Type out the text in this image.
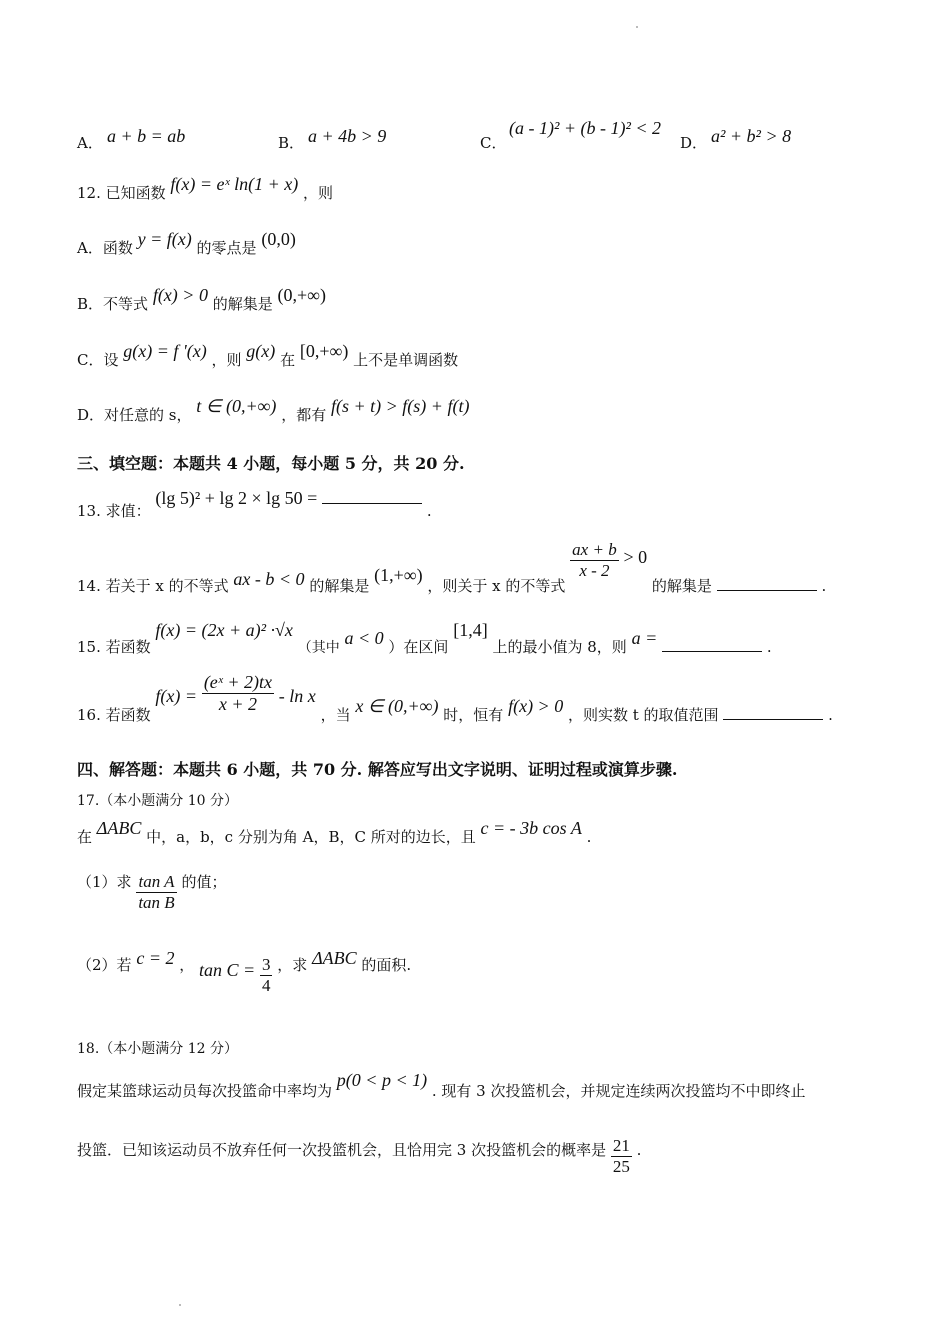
A． a + b = ab	B． a + 4b > 9	C．
(a - 1)² + (b - 1)² < 2
D． a² + b² > 8
12. 已知函数 f(x) = eˣ ln(1 + x) ，则
A．函数 y = f(x) 的零点是 (0,0)
B．不等式 f(x) > 0 的解集是 (0,+∞)
C．设 g(x) = f '(x) ，则 g(x) 在 [0,+∞) 上不是单调函数
D．对任意的 s， t ∈ (0,+∞) ，都有 f(s + t) > f(s) + f(t)
三、填空题：本题共 4 小题，每小题 5 分，共 20 分.
13. 求值： (lg 5)² + lg 2 × lg 50 =  .
14. 若关于 x 的不等式 ax - b < 0 的解集是 (1,+∞) ，则关于 x 的不等式
$\frac{ax + b}{x - 2} > 0$ 的解集是	.
15. 若函数 f(x) = (2x + a)² ·√x （其中 a < 0 ）在区间 [1,4] 上的最小值为 8，则 a =	.
16. 若函数 $f(x) = \frac{\text{(eˣ + 2)tx}}{x + 2} - \ln x$ ，当 x ∈ (0,+∞) 时，恒有 f(x) > 0 ，则实数 t 的取值范围	.
四、解答题：本题共 6 小题，共 70 分. 解答应写出文字说明、证明过程或演算步骤.
17.（本小题满分 10 分）
在 ΔABC 中，a，b，c 分别为角 A，B，C 所对的边长，且 c = - 3b cos A .
（1）求 $\frac{\text{tan A}}{\text{tan B}}$ 的值；
（2）若 c = 2 ， $\tan C = \frac{3}{4}$ ，求 ΔABC 的面积.
18.（本小题满分 12 分）
假定某篮球运动员每次投篮命中率均为 p(0 < p < 1) . 现有 3 次投篮机会，并规定连续两次投篮均不中即终止
投篮．已知该运动员不放弃任何一次投篮机会，且恰用完 3 次投篮机会的概率是 $\frac{21}{25}$ .
